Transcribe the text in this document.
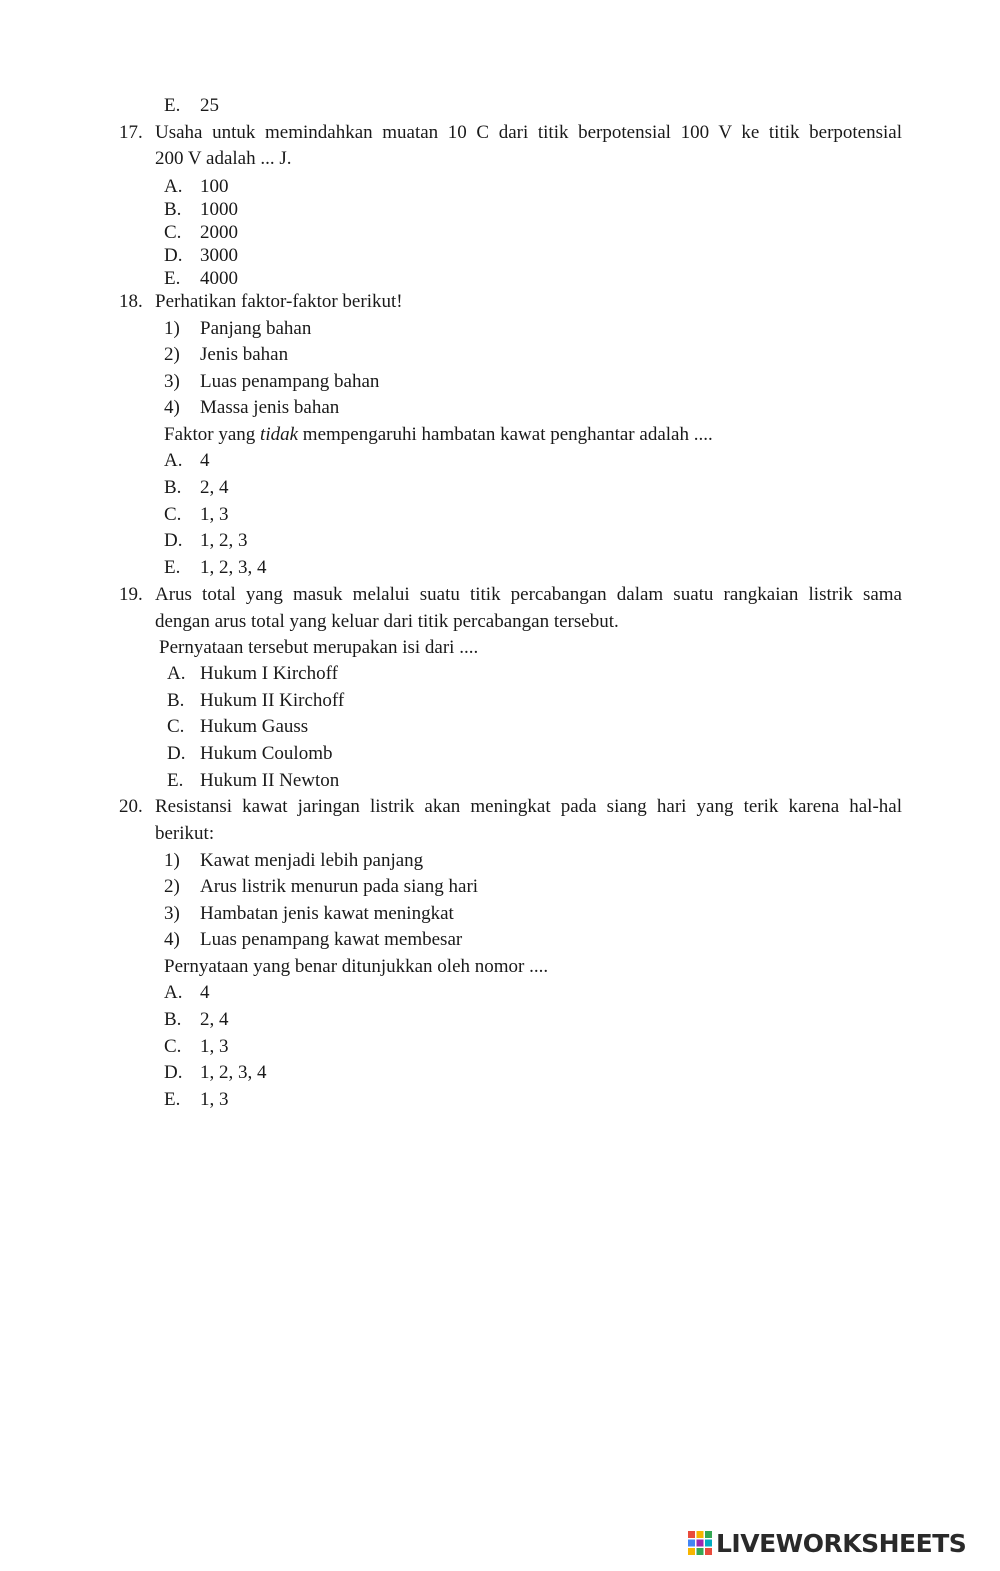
E. 25
17. Usaha untuk memindahkan muatan 10 C dari titik berpotensial 100 V ke titik berpotensial
200 V adalah ... J.
A. 100
B. 1000
C. 2000
D. 3000
E. 4000
18. Perhatikan faktor-faktor berikut!
1) Panjang bahan
2) Jenis bahan
3) Luas penampang bahan
4) Massa jenis bahan
Faktor yang tidak mempengaruhi hambatan kawat penghantar adalah ....
A. 4
B. 2, 4
C. 1, 3
D. 1, 2, 3
E. 1, 2, 3, 4
19. Arus total yang masuk melalui suatu titik percabangan dalam suatu rangkaian listrik sama
dengan arus total yang keluar dari titik percabangan tersebut.
Pernyataan tersebut merupakan isi dari ....
A. Hukum I Kirchoff
B. Hukum II Kirchoff
C. Hukum Gauss
D. Hukum Coulomb
E. Hukum II Newton
20. Resistansi kawat jaringan listrik akan meningkat pada siang hari yang terik karena hal-hal
berikut:
1) Kawat menjadi lebih panjang
2) Arus listrik menurun pada siang hari
3) Hambatan jenis kawat meningkat
4) Luas penampang kawat membesar
Pernyataan yang benar ditunjukkan oleh nomor ....
A. 4
B. 2, 4
C. 1, 3
D. 1, 2, 3, 4
E. 1, 3
LIVEWORKSHEETS
